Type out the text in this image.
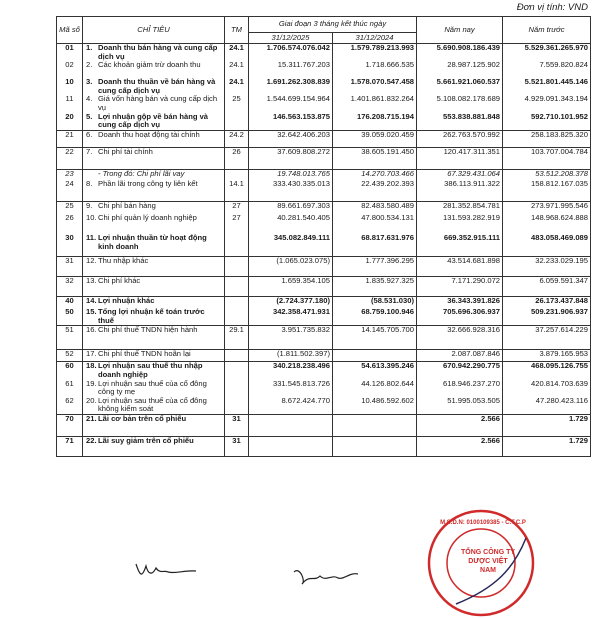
Đơn vị tính: VND
Mã số	CHỈ TIÊU	TM	Giai đoạn 3 tháng kết thúc ngày		Năm nay	Năm trước
			31/12/2025	31/12/2024		
01	1. Doanh thu bán hàng và cung cấp dịch vụ	24.1	1.706.574.076.042	1.579.789.213.993	5.690.908.186.439	5.529.361.265.970
02	2. Các khoản giảm trừ doanh thu	24.1	15.311.767.203	1.718.666.535	28.987.125.902	7.559.820.824
10	3. Doanh thu thuần về bán hàng và cung cấp dịch vụ	24.1	1.691.262.308.839	1.578.070.547.458	5.661.921.060.537	5.521.801.445.146
11	4. Giá vốn hàng bán và cung cấp dịch vụ	25	1.544.699.154.964	1.401.861.832.264	5.108.082.178.689	4.929.091.343.194
20	5. Lợi nhuận gộp về bán hàng và cung cấp dịch vụ		146.563.153.875	176.208.715.194	553.838.881.848	592.710.101.952
21	6. Doanh thu hoạt động tài chính	24.2	32.642.406.203	39.059.020.459	262.763.570.992	258.183.825.320
22	7. Chi phí tài chính	26	37.609.808.272	38.605.191.450	120.417.311.351	103.707.004.784
23	- Trong đó: Chi phí lãi vay		19.748.013.765	14.270.703.466	67.329.431.064	53.512.208.378
24	8. Phần lãi trong công ty liên kết	14.1	333.430.335.013	22.439.202.393	386.113.911.322	158.812.167.035
25	9. Chi phí bán hàng	27	89.661.697.303	82.483.580.489	281.352.854.781	273.971.995.546
26	10.Chi phí quản lý doanh nghiệp	27	40.281.540.405	47.800.534.131	131.593.282.919	148.968.624.888
30	11. Lợi nhuận thuần từ hoạt động kinh doanh		345.082.849.111	68.817.631.976	669.352.915.111	483.058.469.089
31	12.Thu nhập khác		(1.065.023.075)	1.777.396.295	43.514.681.898	32.233.029.195
32	13.Chi phí khác		1.659.354.105	1.835.927.325	7.171.290.072	6.059.591.347
40	14.Lợi nhuận khác		(2.724.377.180)	(58.531.030)	36.343.391.826	26.173.437.848
50	15.Tổng lợi nhuận kế toán trước thuế		342.358.471.931	68.759.100.946	705.696.306.937	509.231.906.937
51	16.Chi phí thuế TNDN hiện hành	29.1	3.951.735.832	14.145.705.700	32.666.928.316	37.257.614.229
52	17.Chi phí thuế TNDN hoãn lại		(1.811.502.397)		2.087.087.846	3.879.165.953
60	18.Lợi nhuận sau thuế thu nhập doanh nghiệp		340.218.238.496	54.613.395.246	670.942.290.775	468.095.126.755
61	19.Lợi nhuận sau thuế của cổ đông công ty mẹ		331.545.813.726	44.126.802.644	618.946.237.270	420.814.703.639
62	20.Lợi nhuận sau thuế của cổ đông không kiểm soát		8.672.424.770	10.486.592.602	51.995.053.505	47.280.423.116
70	21.Lãi cơ bản trên cổ phiếu	31			2.566	1.729
71	22.Lãi suy giảm trên cổ phiếu	31			2.566	1.729
M.S.D.N: 0100109385 - C.T.C.P
TỔNG CÔNG TY DƯỢC VIỆT NAM
